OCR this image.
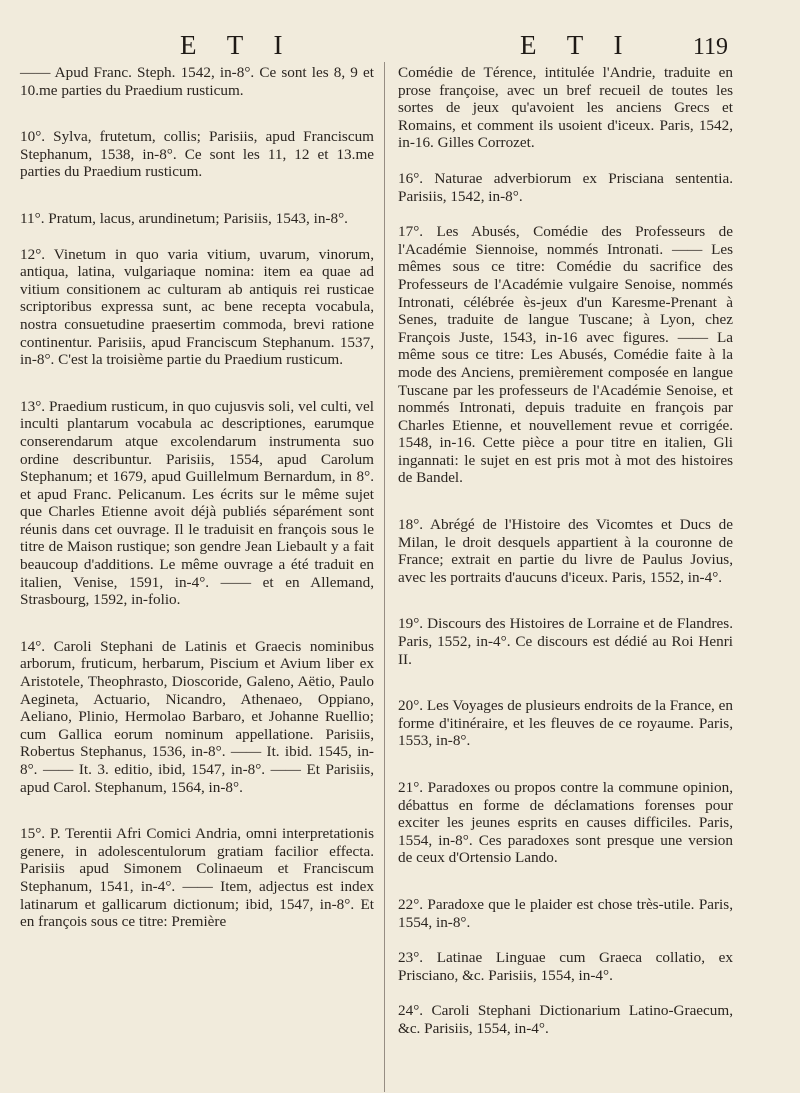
E T I	E T I 119

—— Apud Franc. Steph. 1542, in-8°. Ce sont les 8, 9 et 10.me parties du Praedium rusticum.

10°. Sylva, frutetum, collis; Parisiis, apud Franciscum Stephanum, 1538, in-8°. Ce sont les 11, 12 et 13.me parties du Praedium rusticum.

11°. Pratum, lacus, arundinetum; Parisiis, 1543, in-8°.

12°. Vinetum in quo varia vitium, uvarum, vinorum, antiqua, latina, vulgariaque nomina: item ea quae ad vitium consitionem ac culturam ab antiquis rei rusticae scriptoribus expressa sunt, ac bene recepta vocabula, nostra consuetudine praesertim commoda, brevi ratione continentur. Parisiis, apud Franciscum Stephanum. 1537, in-8°. C'est la troisième partie du Praedium rusticum.

13°. Praedium rusticum, in quo cujusvis soli, vel culti, vel inculti plantarum vocabula ac descriptiones, earumque conserendarum atque excolendarum instrumenta suo ordine describuntur. Parisiis, 1554, apud Carolum Stephanum; et 1679, apud Guillelmum Bernardum, in 8°. et apud Franc. Pelicanum. Les écrits sur le même sujet que Charles Etienne avoit déjà publiés séparément sont réunis dans cet ouvrage. Il le traduisit en françois sous le titre de Maison rustique; son gendre Jean Liebault y a fait beaucoup d'additions. Le même ouvrage a été traduit en italien, Venise, 1591, in-4°. —— et en Allemand, Strasbourg, 1592, in-folio.

14°. Caroli Stephani de Latinis et Graecis nominibus arborum, fruticum, herbarum, Piscium et Avium liber ex Aristotele, Theophrasto, Dioscoride, Galeno, Aëtio, Paulo Aegineta, Actuario, Nicandro, Athenaeo, Oppiano, Aeliano, Plinio, Hermolao Barbaro, et Johanne Ruellio; cum Gallica eorum nominum appellatione. Parisiis, Robertus Stephanus, 1536, in-8°. —— It. ibid. 1545, in-8°. —— It. 3. editio, ibid, 1547, in-8°. —— Et Parisiis, apud Carol. Stephanum, 1564, in-8°.

15°. P. Terentii Afri Comici Andria, omni interpretationis genere, in adolescentulorum gratiam facilior effecta. Parisiis apud Simonem Colinaeum et Franciscum Stephanum, 1541, in-4°. —— Item, adjectus est index latinarum et gallicarum dictionum; ibid, 1547, in-8°. Et en françois sous ce titre: Première

Comédie de Térence, intitulée l'Andrie, traduite en prose françoise, avec un bref recueil de toutes les sortes de jeux qu'avoient les anciens Grecs et Romains, et comment ils usoient d'iceux. Paris, 1542, in-16. Gilles Corrozet.

16°. Naturae adverbiorum ex Prisciana sententia. Parisiis, 1542, in-8°.

17°. Les Abusés, Comédie des Professeurs de l'Académie Siennoise, nommés Intronati. —— Les mêmes sous ce titre: Comédie du sacrifice des Professeurs de l'Académie vulgaire Senoise, nommés Intronati, célébrée ès-jeux d'un Karesme-Prenant à Senes, traduite de langue Tuscane; à Lyon, chez François Juste, 1543, in-16 avec figures. —— La même sous ce titre: Les Abusés, Comédie faite à la mode des Anciens, premièrement composée en langue Tuscane par les professeurs de l'Académie Senoise, et nommés Intronati, depuis traduite en françois par Charles Etienne, et nouvellement revue et corrigée. 1548, in-16. Cette pièce a pour titre en italien, Gli ingannati: le sujet en est pris mot à mot des histoires de Bandel.

18°. Abrégé de l'Histoire des Vicomtes et Ducs de Milan, le droit desquels appartient à la couronne de France; extrait en partie du livre de Paulus Jovius, avec les portraits d'aucuns d'iceux. Paris, 1552, in-4°.

19°. Discours des Histoires de Lorraine et de Flandres. Paris, 1552, in-4°. Ce discours est dédié au Roi Henri II.

20°. Les Voyages de plusieurs endroits de la France, en forme d'itinéraire, et les fleuves de ce royaume. Paris, 1553, in-8°.

21°. Paradoxes ou propos contre la commune opinion, débattus en forme de déclamations forenses pour exciter les jeunes esprits en causes difficiles. Paris, 1554, in-8°. Ces paradoxes sont presque une version de ceux d'Ortensio Lando.

22°. Paradoxe que le plaider est chose très-utile. Paris, 1554, in-8°.

23°. Latinae Linguae cum Graeca collatio, ex Prisciano, &c. Parisiis, 1554, in-4°.

24°. Caroli Stephani Dictionarium Latino-Graecum, &c. Parisiis, 1554, in-4°.
